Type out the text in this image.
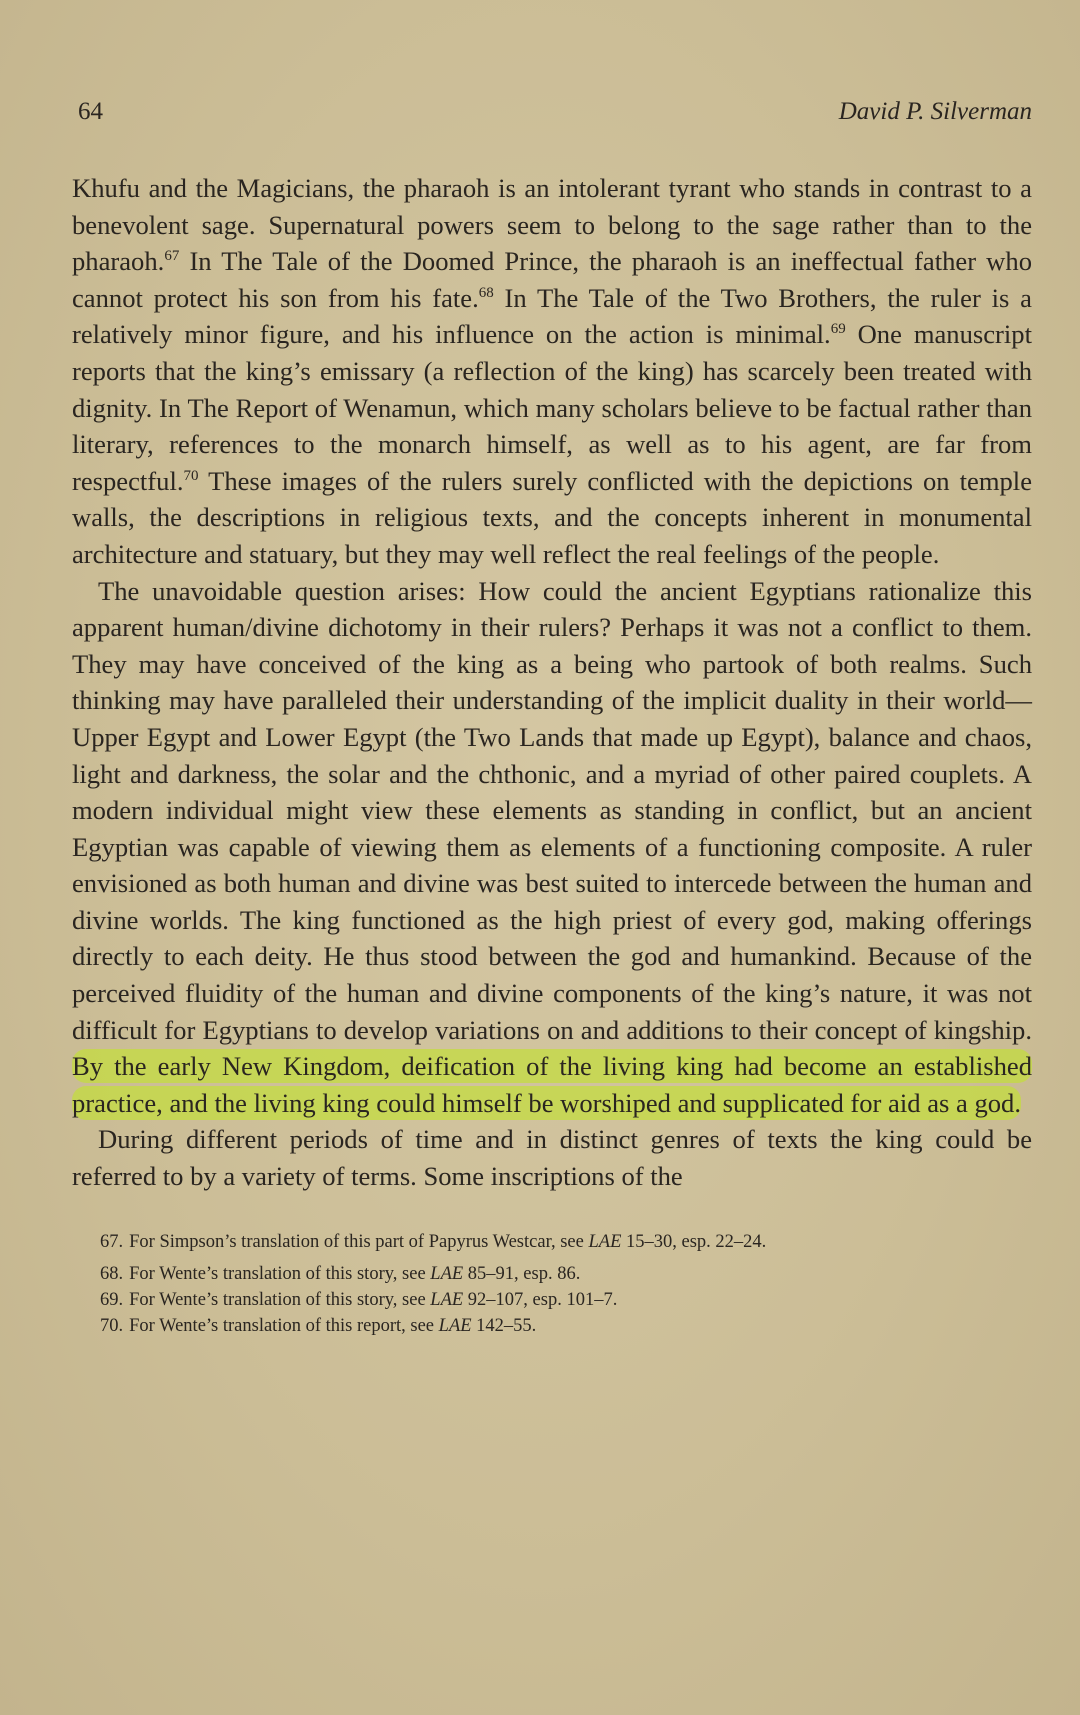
64	David P. Silverman

Khufu and the Magicians, the pharaoh is an intolerant tyrant who stands in contrast to a benevolent sage. Supernatural powers seem to belong to the sage rather than to the pharaoh.$^{67}$ In The Tale of the Doomed Prince, the pharaoh is an ineffectual father who cannot protect his son from his fate.$^{68}$ In The Tale of the Two Brothers, the ruler is a relatively minor figure, and his influence on the action is minimal.$^{69}$ One manuscript reports that the king’s emissary (a reflection of the king) has scarcely been treated with dignity. In The Report of Wenamun, which many scholars believe to be factual rather than literary, references to the monarch himself, as well as to his agent, are far from respectful.$^{70}$ These images of the rulers surely conflicted with the depictions on temple walls, the descriptions in religious texts, and the concepts inherent in monumental architecture and statuary, but they may well reflect the real feelings of the people.

The unavoidable question arises: How could the ancient Egyptians rationalize this apparent human/divine dichotomy in their rulers? Perhaps it was not a conflict to them. They may have conceived of the king as a being who partook of both realms. Such thinking may have paralleled their understanding of the implicit duality in their world—Upper Egypt and Lower Egypt (the Two Lands that made up Egypt), balance and chaos, light and darkness, the solar and the chthonic, and a myriad of other paired couplets. A modern individual might view these elements as standing in conflict, but an ancient Egyptian was capable of viewing them as elements of a functioning composite. A ruler envisioned as both human and divine was best suited to intercede between the human and divine worlds. The king functioned as the high priest of every god, making offerings directly to each deity. He thus stood between the god and humankind. Because of the perceived fluidity of the human and divine components of the king’s nature, it was not difficult for Egyptians to develop variations on and additions to their concept of kingship. By the early New Kingdom, deification of the living king had become an established practice, and the living king could himself be worshiped and supplicated for aid as a god.

During different periods of time and in distinct genres of texts the king could be referred to by a variety of terms. Some inscriptions of the

67. For Simpson’s translation of this part of Papyrus Westcar, see LAE 15–30, esp. 22–24.

68. For Wente’s translation of this story, see LAE 85–91, esp. 86.

69. For Wente’s translation of this story, see LAE 92–107, esp. 101–7.

70. For Wente’s translation of this report, see LAE 142–55.
